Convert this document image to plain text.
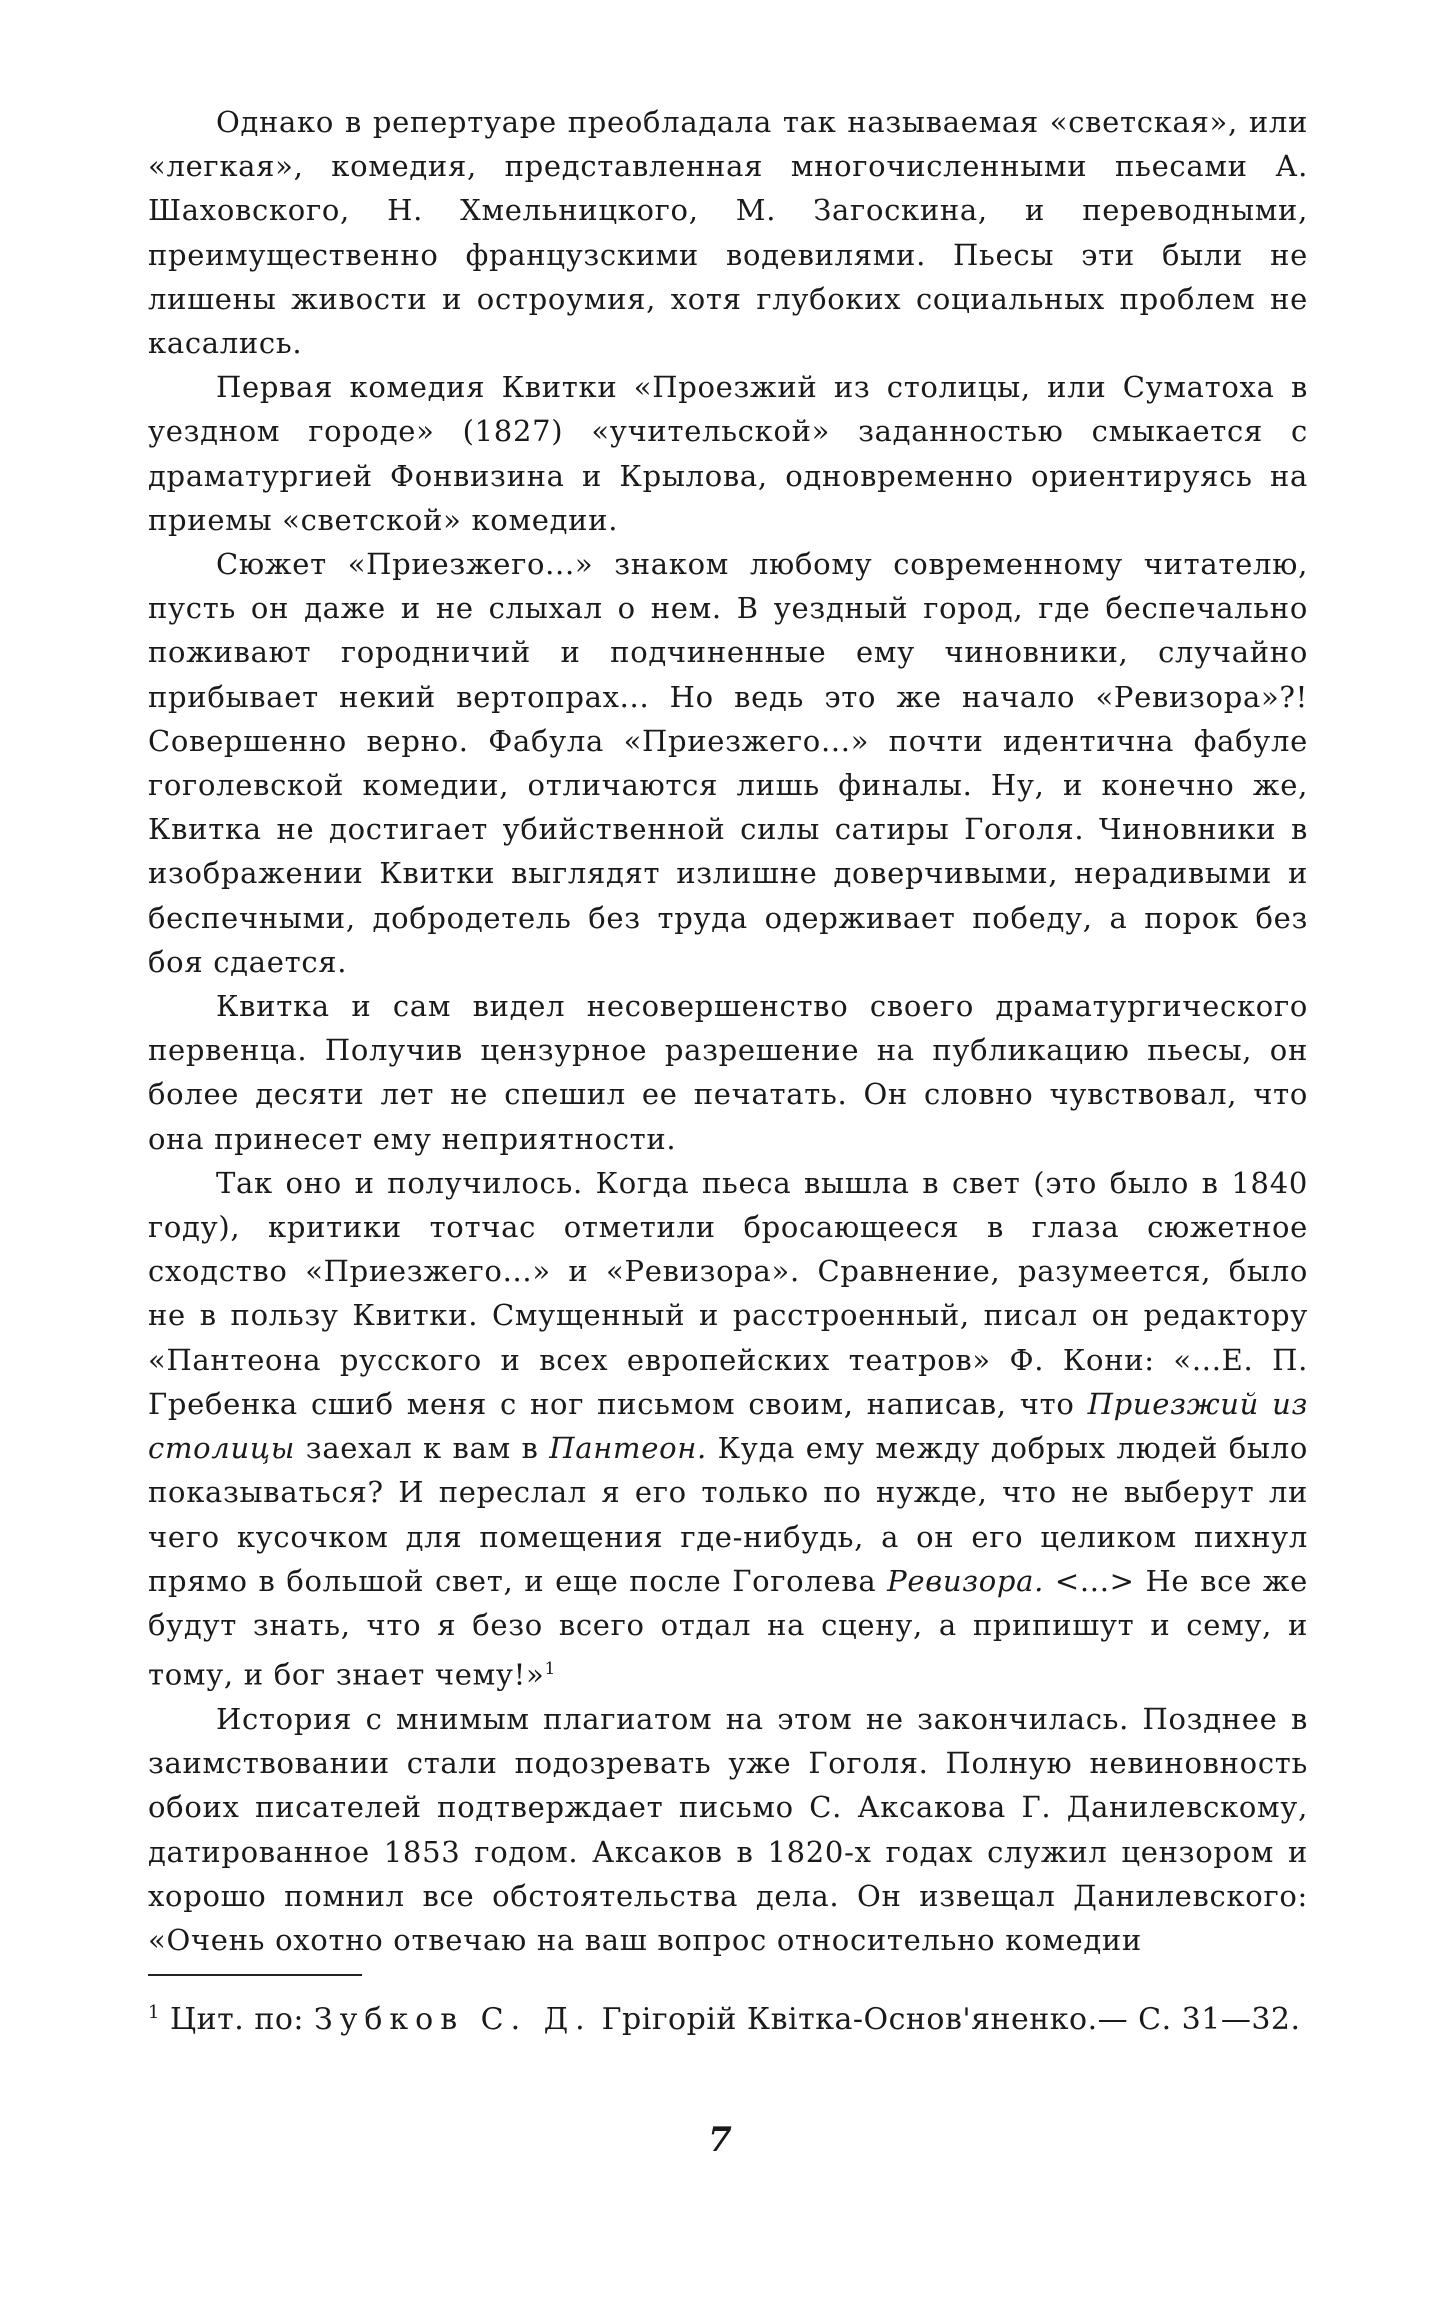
Однако в репертуаре преобладала так называемая «светская», или «легкая», комедия, представленная многочисленными пьесами А. Шаховского, Н. Хмельницкого, М. Загоскина, и переводными, преимущественно французскими водевилями. Пьесы эти были не лишены живости и остроумия, хотя глубоких социальных проблем не касались.

Первая комедия Квитки «Проезжий из столицы, или Суматоха в уездном городе» (1827) «учительской» заданностью смыкается с драматургией Фонвизина и Крылова, одновременно ориентируясь на приемы «светской» комедии.

Сюжет «Приезжего...» знаком любому современному читателю, пусть он даже и не слыхал о нем. В уездный город, где беспечально поживают городничий и подчиненные ему чиновники, случайно прибывает некий вертопрах... Но ведь это же начало «Ревизора»?! Совершенно верно. Фабула «Приезжего...» почти идентична фабуле гоголевской комедии, отличаются лишь финалы. Ну, и конечно же, Квитка не достигает убийственной силы сатиры Гоголя. Чиновники в изображении Квитки выглядят излишне доверчивыми, нерадивыми и беспечными, добродетель без труда одерживает победу, а порок без боя сдается.

Квитка и сам видел несовершенство своего драматургического первенца. Получив цензурное разрешение на публикацию пьесы, он более десяти лет не спешил ее печатать. Он словно чувствовал, что она принесет ему неприятности.

Так оно и получилось. Когда пьеса вышла в свет (это было в 1840 году), критики тотчас отметили бросающееся в глаза сюжетное сходство «Приезжего...» и «Ревизора». Сравнение, разумеется, было не в пользу Квитки. Смущенный и расстроенный, писал он редактору «Пантеона русского и всех европейских театров» Ф. Кони: «...Е. П. Гребенка сшиб меня с ног письмом своим, написав, что Приезжий из столицы заехал к вам в Пантеон. Куда ему между добрых людей было показываться? И переслал я его только по нужде, что не выберут ли чего кусочком для помещения где-нибудь, а он его целиком пихнул прямо в большой свет, и еще после Гоголева Ревизора. <...> Не все же будут знать, что я безо всего отдал на сцену, а припишут и сему, и тому, и бог знает чему!»$^1$

История с мнимым плагиатом на этом не закончилась. Позднее в заимствовании стали подозревать уже Гоголя. Полную невиновность обоих писателей подтверждает письмо С. Аксакова Г. Данилевскому, датированное 1853 годом. Аксаков в 1820-х годах служил цензором и хорошо помнил все обстоятельства дела. Он извещал Данилевского: «Очень охотно отвечаю на ваш вопрос относительно комедии

$^1$ Цит. по: Зубков С. Д. Грігорій Квітка-Основ'яненко.— С. 31—32.
7
